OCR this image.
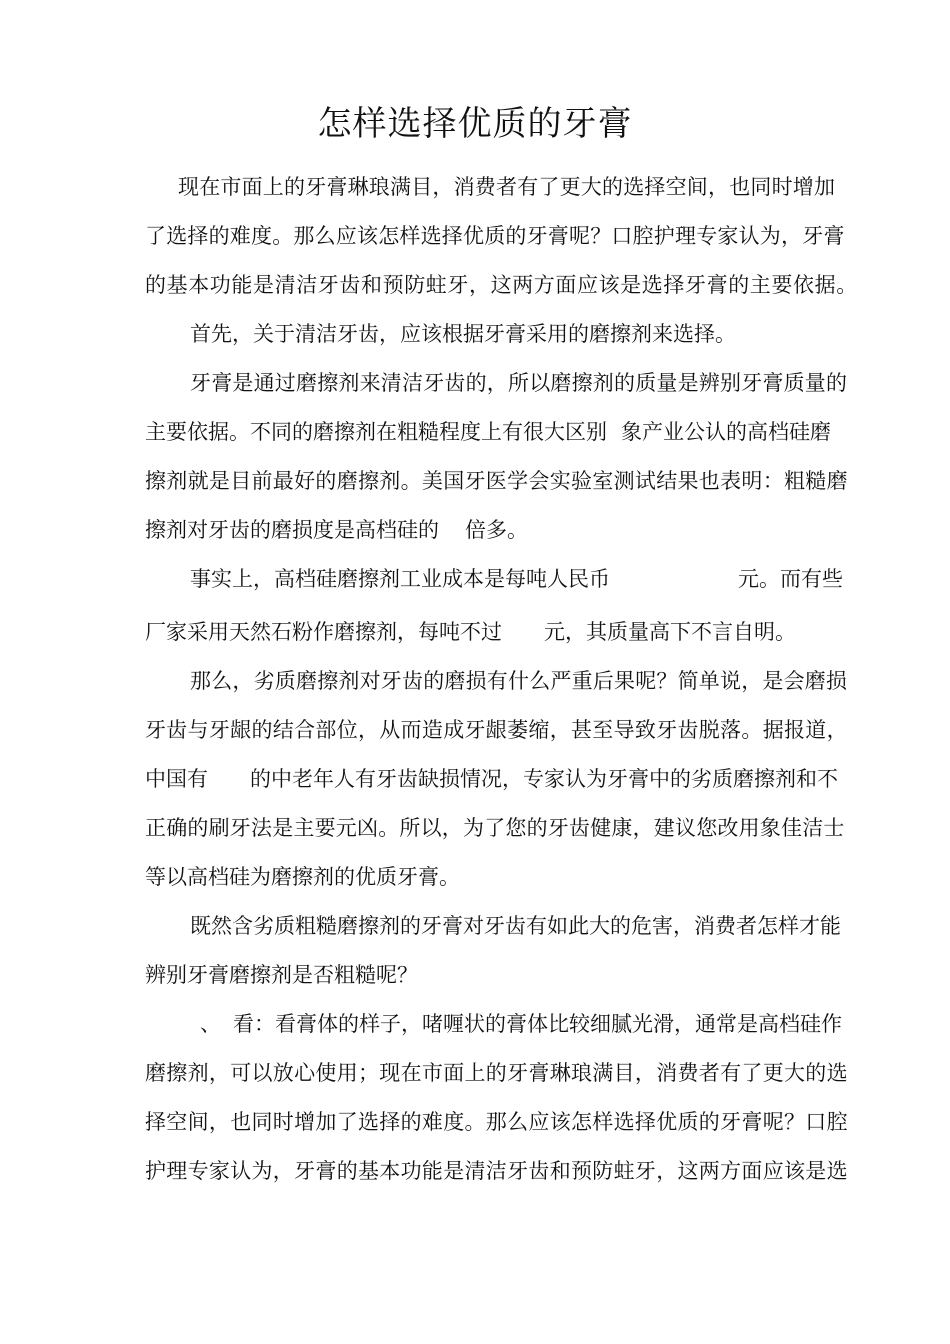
怎样选择优质的牙膏

现在市面上的牙膏琳琅满目，消费者有了更大的选择空间，也同时增加

了选择的难度。那么应该怎样选择优质的牙膏呢？口腔护理专家认为，牙膏

的基本功能是清洁牙齿和预防蛀牙，这两方面应该是选择牙膏的主要依据。

首先，关于清洁牙齿，应该根据牙膏采用的磨擦剂来选择。

牙膏是通过磨擦剂来清洁牙齿的，所以磨擦剂的质量是辨别牙膏质量的

主要依据。不同的磨擦剂在粗糙程度上有很大区别 象产业公认的高档硅磨

擦剂就是目前最好的磨擦剂。美国牙医学会实验室测试结果也表明：粗糙磨

擦剂对牙齿的磨损度是高档硅的 倍多。

事实上，高档硅磨擦剂工业成本是每吨人民币	元。而有些

厂家采用天然石粉作磨擦剂，每吨不过 元，其质量高下不言自明。

那么，劣质磨擦剂对牙齿的磨损有什么严重后果呢？简单说，是会磨损

牙齿与牙龈的结合部位，从而造成牙龈萎缩，甚至导致牙齿脱落。据报道，

中国有 的中老年人有牙齿缺损情况，专家认为牙膏中的劣质磨擦剂和不

正确的刷牙法是主要元凶。所以，为了您的牙齿健康，建议您改用象佳洁士

等以高档硅为磨擦剂的优质牙膏。

既然含劣质粗糙磨擦剂的牙膏对牙齿有如此大的危害，消费者怎样才能

辨别牙膏磨擦剂是否粗糙呢？

、 看：看膏体的样子，啫喱状的膏体比较细腻光滑，通常是高档硅作

磨擦剂，可以放心使用；现在市面上的牙膏琳琅满目，消费者有了更大的选

择空间，也同时增加了选择的难度。那么应该怎样选择优质的牙膏呢？口腔

护理专家认为，牙膏的基本功能是清洁牙齿和预防蛀牙，这两方面应该是选
